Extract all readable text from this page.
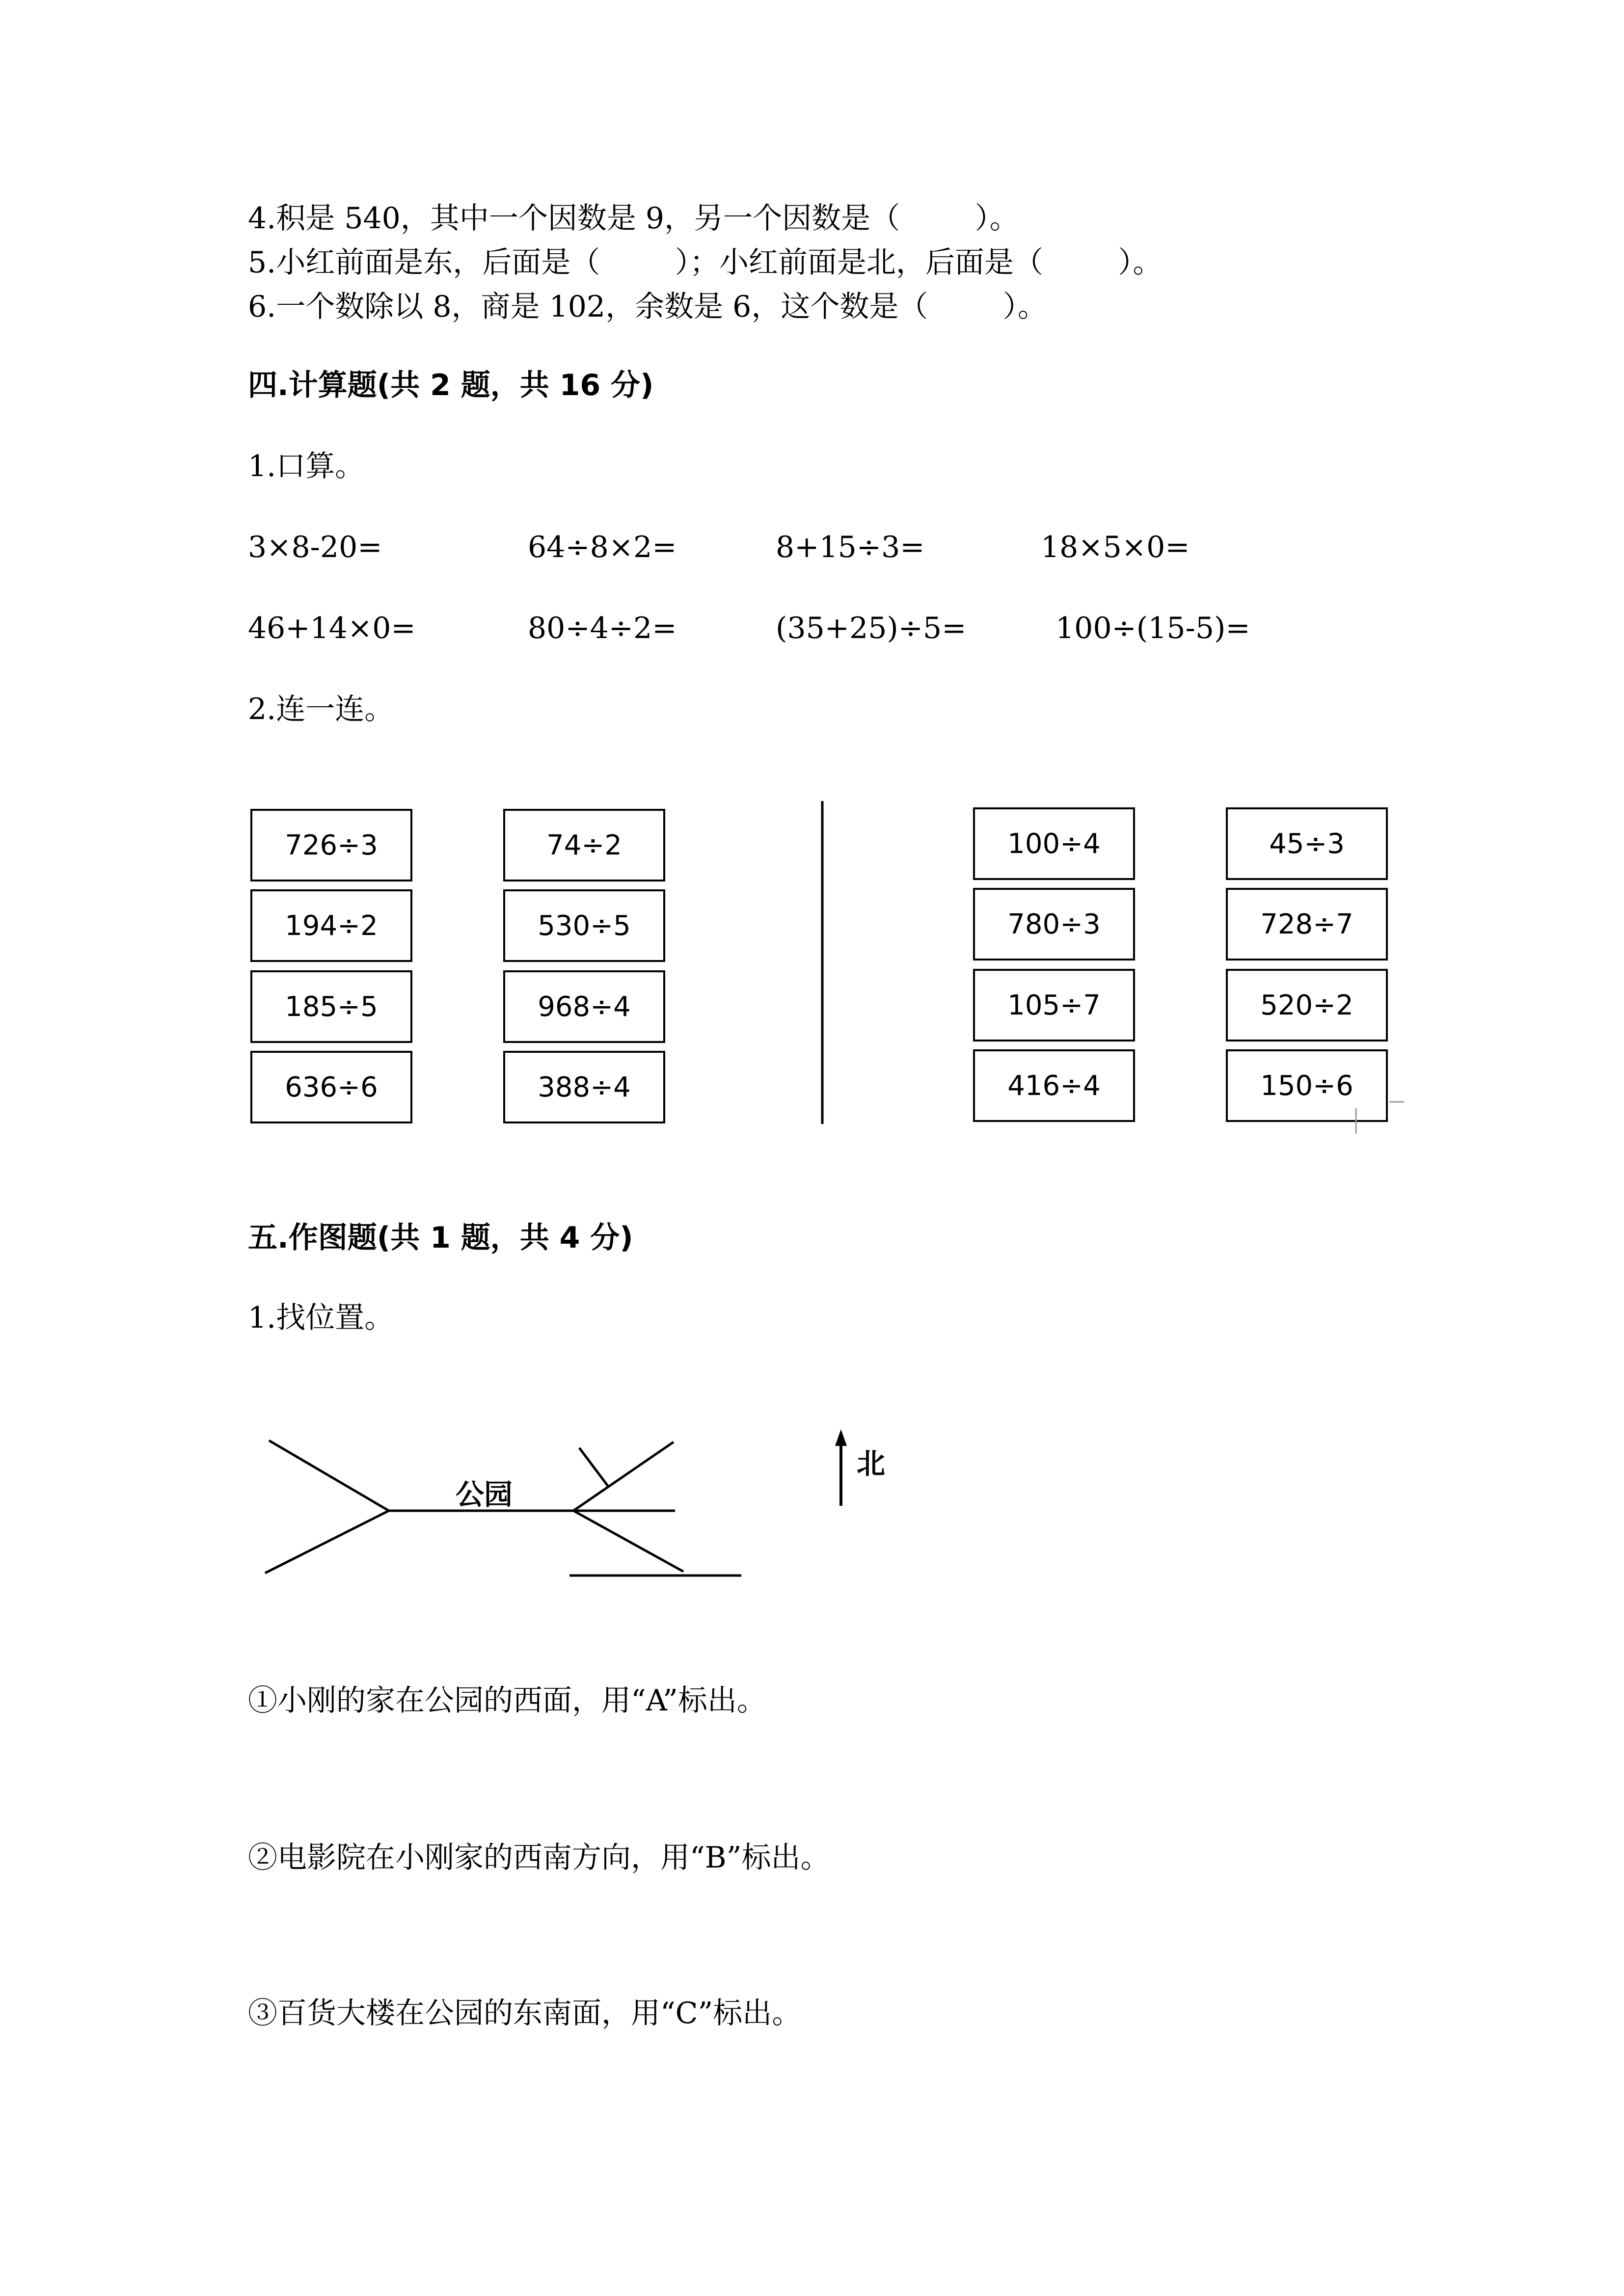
4.积是 540，其中一个因数是 9，另一个因数是（        ）。
5.小红前面是东，后面是（        ）；小红前面是北，后面是（        ）。
6.一个数除以 8，商是 102，余数是 6，这个数是（        ）。
四.计算题(共 2 题，共 16 分)
1.口算。
3×8-20=	64÷8×2=	8+15÷3=	18×5×0=
46+14×0=	80÷4÷2=	(35+25)÷5=	100÷(15-5)=
2.连一连。
726÷3
194÷2
185÷5
636÷6
74÷2
530÷5
968÷4
388÷4
100÷4
780÷3
105÷7
416÷4
45÷3
728÷7
520÷2
150÷6
五.作图题(共 1 题，共 4 分)
1.找位置。
公园
北
①小刚的家在公园的西面，用“A”标出。
②电影院在小刚家的西南方向，用“B”标出。
③百货大楼在公园的东南面，用“C”标出。
